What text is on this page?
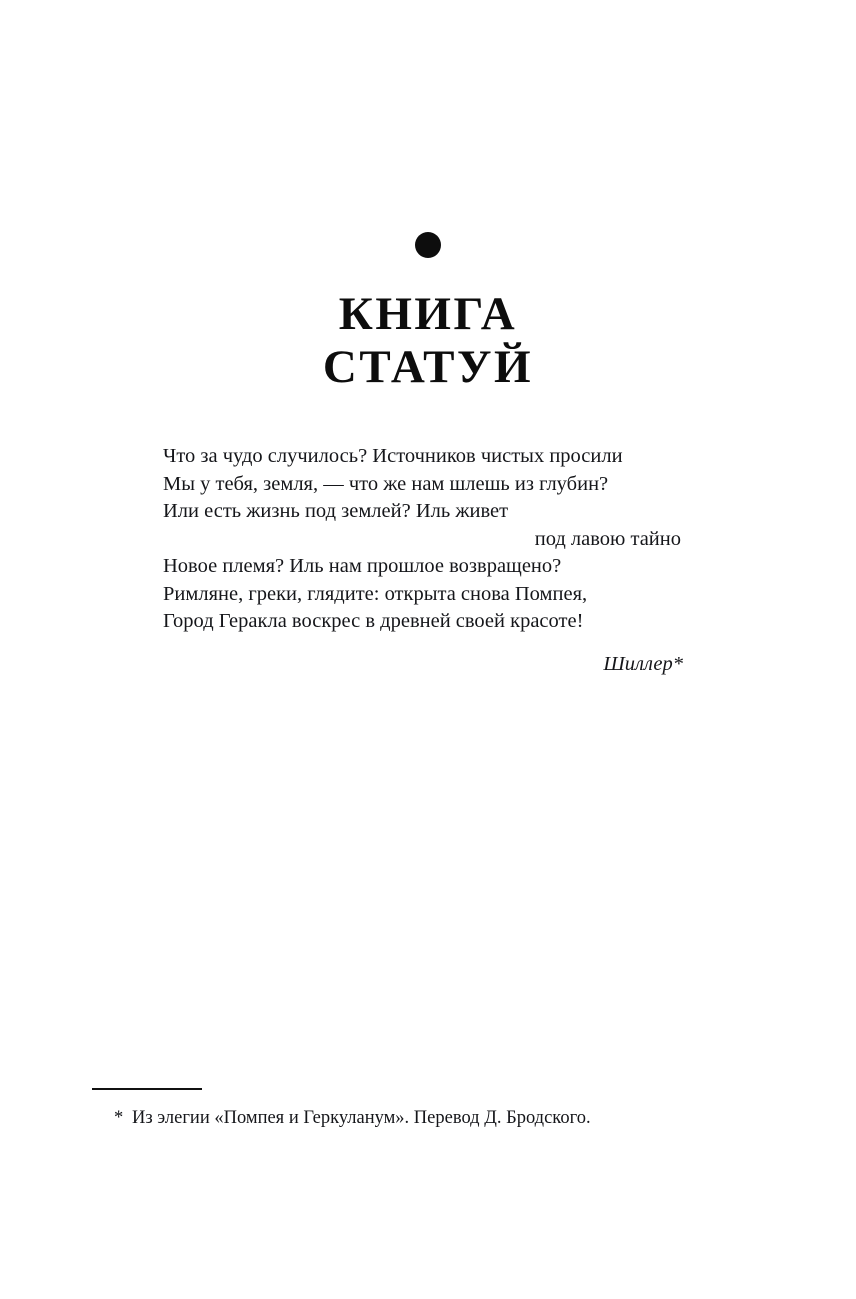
КНИГА
СТАТУЙ
Что за чудо случилось? Источников чистых просили
Мы у тебя, земля, — что же нам шлешь из глубин?
Или есть жизнь под землей? Иль живет
под лавою тайно
Новое племя? Иль нам прошлое возвращено?
Римляне, греки, глядите: открыта снова Помпея,
Город Геракла воскрес в древней своей красоте!
Шиллер*
* Из элегии «Помпея и Геркуланум». Перевод Д. Бродского.
